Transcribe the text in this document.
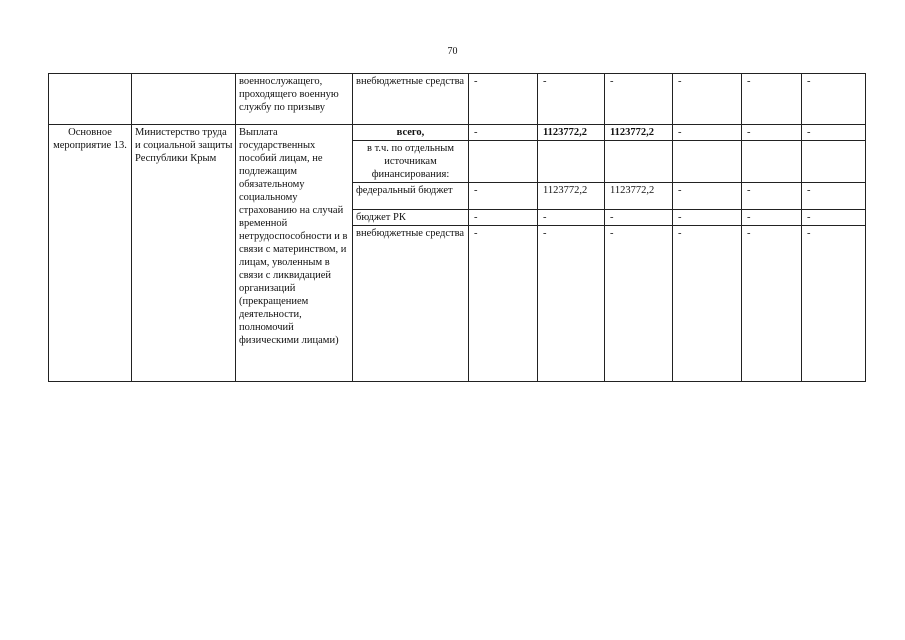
70
		военнослужащего, проходящего военную службу по призыву	внебюджетные средства	-	-	-	-	-	-
Основное мероприятие 13.	Министерство труда и социальной защиты Республики Крым	Выплата государственных пособий лицам, не подлежащим обязательному социальному страхованию на случай временной нетрудоспособности и в связи с материнством, и лицам, уволенным в связи с ликвидацией организаций (прекращением деятельности, полномочий физическими лицами)	всего,	-	1123772,2	1123772,2	-	-	-
			в т.ч. по отдельным источникам финансирования:						
			федеральный бюджет	-	1123772,2	1123772,2	-	-	-
			бюджет РК	-	-	-	-	-	-
			внебюджетные средства	-	-	-	-	-	-
